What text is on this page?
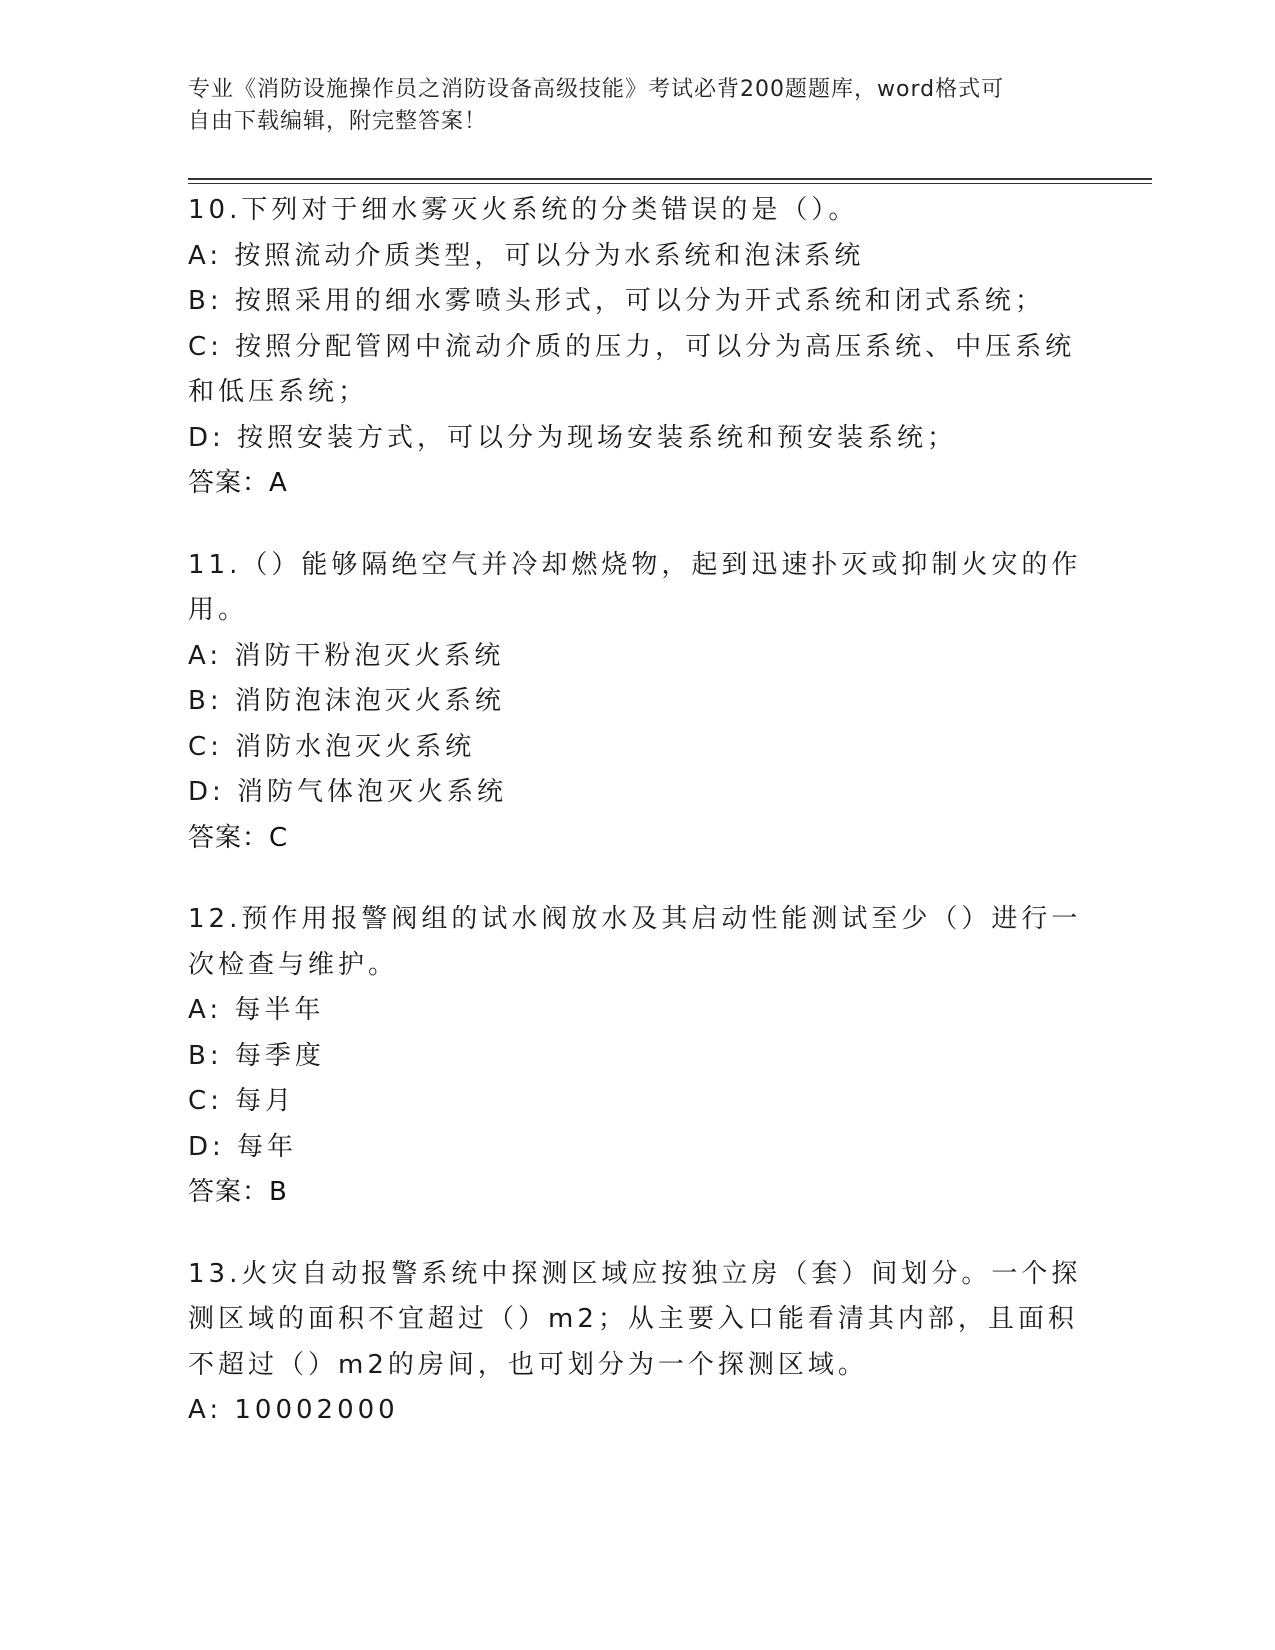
专业《消防设施操作员之消防设备高级技能》考试必背200题题库，word格式可
自由下载编辑，附完整答案！

10.下列对于细水雾灭火系统的分类错误的是（）。

A: 按照流动介质类型，可以分为水系统和泡沫系统

B: 按照采用的细水雾喷头形式，可以分为开式系统和闭式系统；

C: 按照分配管网中流动介质的压力，可以分为高压系统、中压系统和低压系统；

D: 按照安装方式，可以分为现场安装系统和预安装系统；

答案：A

11.（）能够隔绝空气并冷却燃烧物，起到迅速扑灭或抑制火灾的作用。

A: 消防干粉泡灭火系统

B: 消防泡沫泡灭火系统

C: 消防水泡灭火系统

D: 消防气体泡灭火系统

答案：C

12.预作用报警阀组的试水阀放水及其启动性能测试至少（）进行一次检查与维护。

A: 每半年

B: 每季度

C: 每月

D: 每年

答案：B

13.火灾自动报警系统中探测区域应按独立房（套）间划分。一个探测区域的面积不宜超过（）m2；从主要入口能看清其内部，且面积不超过（）m2的房间，也可划分为一个探测区域。

A: 10002000
